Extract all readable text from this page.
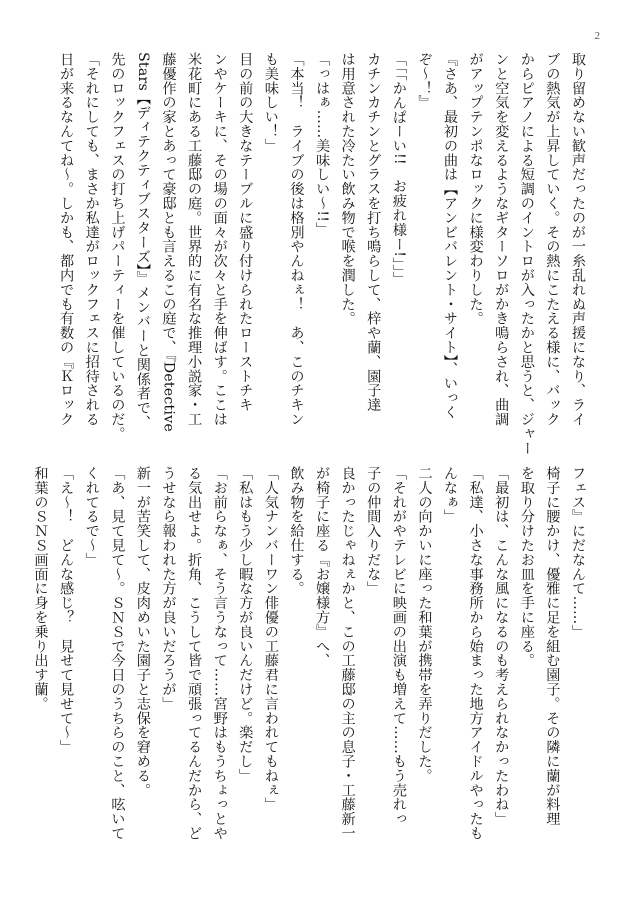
2
取り留めない歓声だったのが一糸乱れぬ声援になり、ライ
ブの熱気が上昇していく。その熱にこたえる様に、バック
からピアノによる短調のイントロが入ったかと思うと、ジャー
ンと空気を変えるようなギターソロがかき鳴らされ、曲調
がアップテンポなロックに様変わりした。
『さあ、最初の曲は【アンビバレント・サイト】、いっく
ぞ～！』
「「「かんぱーい!!　お疲れ様ー!」」」
カチンカチンとグラスを打ち鳴らして、梓や蘭、園子達
は用意された冷たい飲み物で喉を潤した。
「っはぁ……美味しい～!!」
「本当！　ライブの後は格別やんねぇ！　あ、このチキン
も美味しい！」
目の前の大きなテーブルに盛り付けられたローストチキ
ンやケーキに、その場の面々が次々と手を伸ばす。ここは
米花町にある工藤邸の庭。世界的に有名な推理小説家・工
藤優作の家とあって豪邸とも言えるこの庭で、『Detective
Stars【ディテクティブスターズ】』メンバーと関係者で、
先のロックフェスの打ち上げパーティーを催しているのだ。
「それにしても、まさか私達がロックフェスに招待される
日が来るなんてね～。しかも、都内でも有数の『Ｋロック
フェス』にだなんて……」
椅子に腰かけ、優雅に足を組む園子。その隣に蘭が料理
を取り分けたお皿を手に座る。
「最初は、こんな風になるのも考えられなかったわね」
「私達、小さな事務所から始まった地方アイドルやったも
んなぁ」
二人の向かいに座った和葉が携帯を弄りだした。
「それがやテレビに映画の出演も増えて……もう売れっ
子の仲間入りだな」
良かったじゃねぇかと、この工藤邸の主の息子・工藤新一
が椅子に座る『お嬢様方』へ、
飲み物を給仕する。
「人気ナンバーワン俳優の工藤君に言われてもねぇ」
「私はもう少し暇な方が良いんだけど。楽だし」
「お前らなぁ、そう言うなって……宮野はもうちょっとや
る気出せよ。折角、こうして皆で頑張ってるんだから、ど
うせなら報われた方が良いだろうが」
新一が苦笑して、皮肉めいた園子と志保を窘める。
「あ、見て見て～。ＳＮＳで今日のうちらのこと、呟いて
くれてるで～」
「え～！　どんな感じ？　見せて見せて～」
和葉のＳＮＳ画面に身を乗り出す蘭。
